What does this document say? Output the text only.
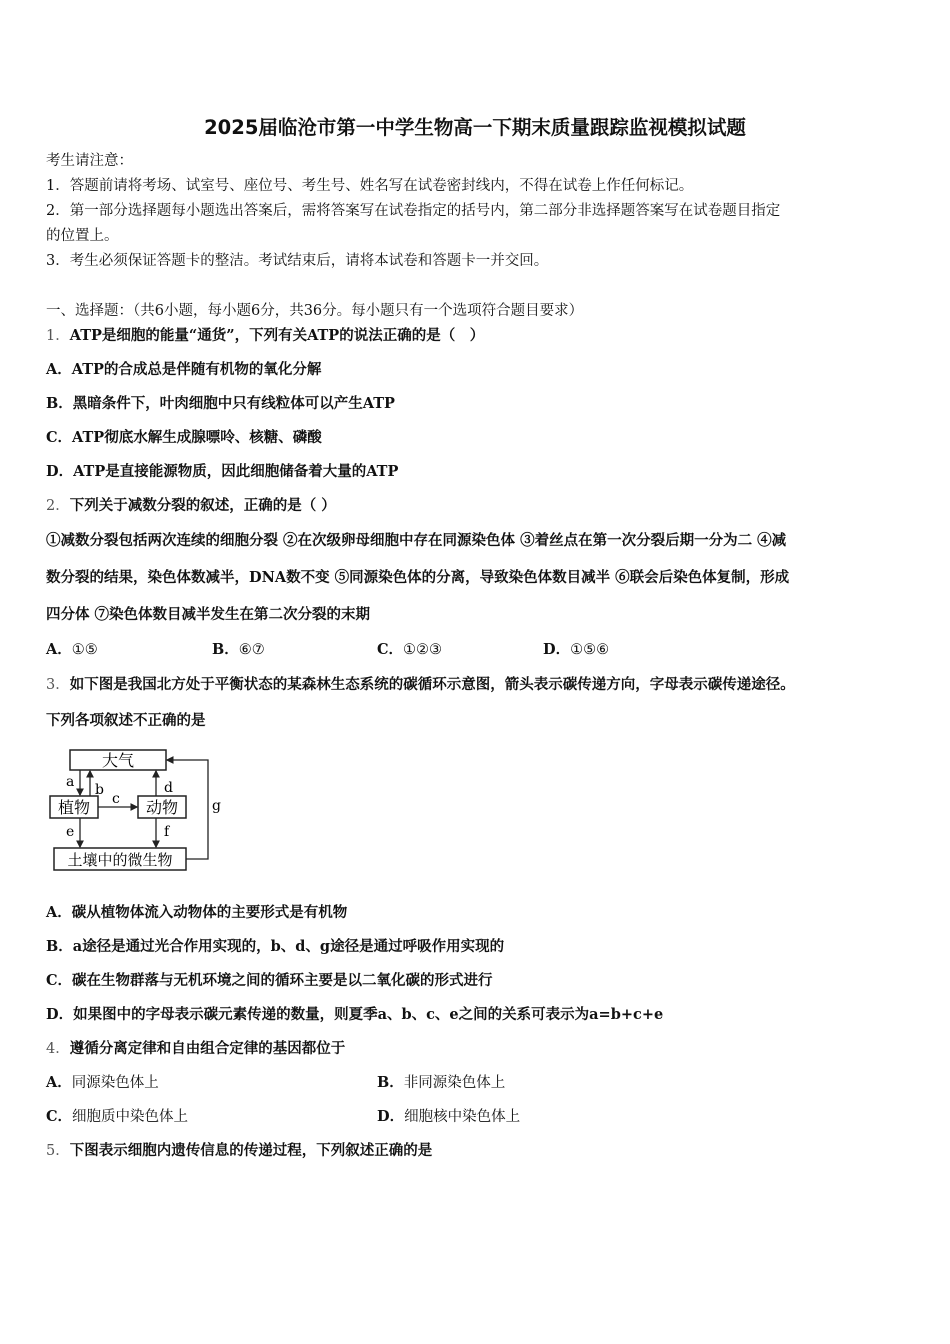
2025届临沧市第一中学生物高一下期末质量跟踪监视模拟试题
考生请注意：
1．答题前请将考场、试室号、座位号、考生号、姓名写在试卷密封线内，不得在试卷上作任何标记。
2．第一部分选择题每小题选出答案后，需将答案写在试卷指定的括号内，第二部分非选择题答案写在试卷题目指定
的位置上。
3．考生必须保证答题卡的整洁。考试结束后，请将本试卷和答题卡一并交回。
一、选择题：（共6小题，每小题6分，共36分。每小题只有一个选项符合题目要求）
1．ATP是细胞的能量“通货”，下列有关ATP的说法正确的是（　）
A．ATP的合成总是伴随有机物的氧化分解
B．黑暗条件下，叶肉细胞中只有线粒体可以产生ATP
C．ATP彻底水解生成腺嘌呤、核糖、磷酸
D．ATP是直接能源物质，因此细胞储备着大量的ATP
2．下列关于减数分裂的叙述，正确的是（ ）
①减数分裂包括两次连续的细胞分裂 ②在次级卵母细胞中存在同源染色体 ③着丝点在第一次分裂后期一分为二 ④减
数分裂的结果，染色体数减半，DNA数不变 ⑤同源染色体的分离，导致染色体数目减半 ⑥联会后染色体复制，形成
四分体 ⑦染色体数目减半发生在第二次分裂的末期
A．①⑤	B．⑥⑦	C．①②③	D．①⑤⑥
3．如下图是我国北方处于平衡状态的某森林生态系统的碳循环示意图，箭头表示碳传递方向，字母表示碳传递途径。
下列各项叙述不正确的是
大气
植物	动物
土壤中的微生物
a b
c
d
e	f
g
A．碳从植物体流入动物体的主要形式是有机物
B．a途径是通过光合作用实现的，b、d、g途径是通过呼吸作用实现的
C．碳在生物群落与无机环境之间的循环主要是以二氧化碳的形式进行
D．如果图中的字母表示碳元素传递的数量，则夏季a、b、c、e之间的关系可表示为a=b+c+e
4．遵循分离定律和自由组合定律的基因都位于
A．同源染色体上	B．非同源染色体上
C．细胞质中染色体上	D．细胞核中染色体上
5．下图表示细胞内遗传信息的传递过程，下列叙述正确的是
